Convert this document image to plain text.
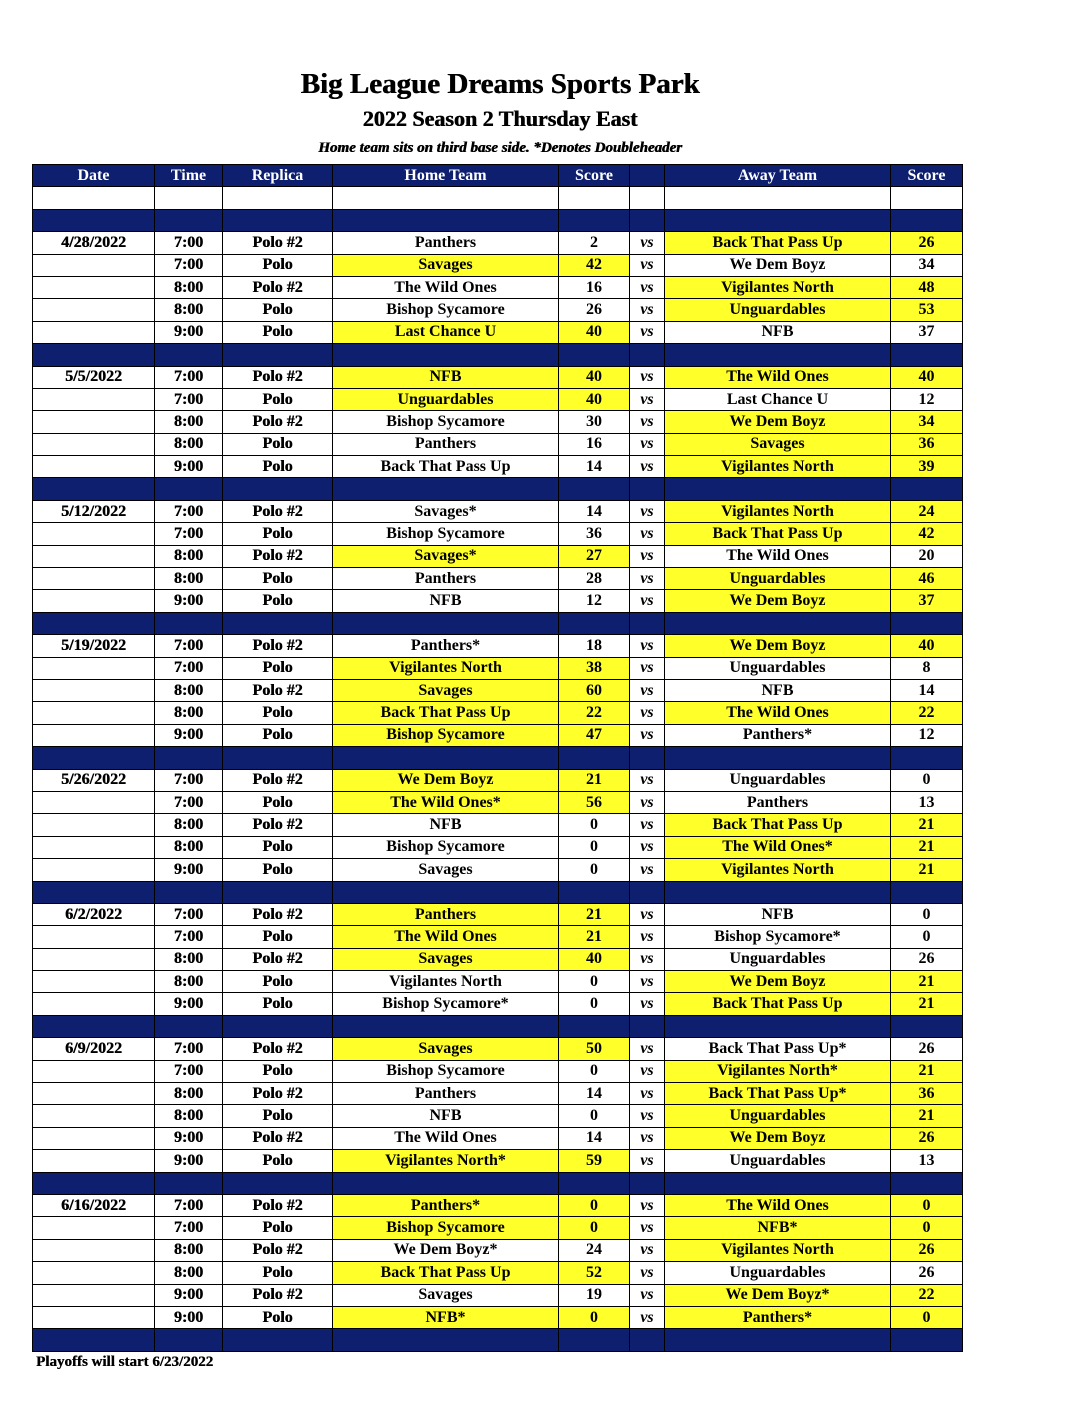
Big League Dreams Sports Park
2022 Season 2 Thursday East
Home team sits on third base side. *Denotes Doubleheader
Date	Time	Replica	Home Team	Score		Away Team	Score

4/28/2022	7:00	Polo #2	Panthers	2	vs	Back That Pass Up	26
	7:00	Polo	Savages	42	vs	We Dem Boyz	34
	8:00	Polo #2	The Wild Ones	16	vs	Vigilantes North	48
	8:00	Polo	Bishop Sycamore	26	vs	Unguardables	53
	9:00	Polo	Last Chance U	40	vs	NFB	37

5/5/2022	7:00	Polo #2	NFB	40	vs	The Wild Ones	40
	7:00	Polo	Unguardables	40	vs	Last Chance U	12
	8:00	Polo #2	Bishop Sycamore	30	vs	We Dem Boyz	34
	8:00	Polo	Panthers	16	vs	Savages	36
	9:00	Polo	Back That Pass Up	14	vs	Vigilantes North	39

5/12/2022	7:00	Polo #2	Savages*	14	vs	Vigilantes North	24
	7:00	Polo	Bishop Sycamore	36	vs	Back That Pass Up	42
	8:00	Polo #2	Savages*	27	vs	The Wild Ones	20
	8:00	Polo	Panthers	28	vs	Unguardables	46
	9:00	Polo	NFB	12	vs	We Dem Boyz	37

5/19/2022	7:00	Polo #2	Panthers*	18	vs	We Dem Boyz	40
	7:00	Polo	Vigilantes North	38	vs	Unguardables	8
	8:00	Polo #2	Savages	60	vs	NFB	14
	8:00	Polo	Back That Pass Up	22	vs	The Wild Ones	22
	9:00	Polo	Bishop Sycamore	47	vs	Panthers*	12

5/26/2022	7:00	Polo #2	We Dem Boyz	21	vs	Unguardables	0
	7:00	Polo	The Wild Ones*	56	vs	Panthers	13
	8:00	Polo #2	NFB	0	vs	Back That Pass Up	21
	8:00	Polo	Bishop Sycamore	0	vs	The Wild Ones*	21
	9:00	Polo	Savages	0	vs	Vigilantes North	21

6/2/2022	7:00	Polo #2	Panthers	21	vs	NFB	0
	7:00	Polo	The Wild Ones	21	vs	Bishop Sycamore*	0
	8:00	Polo #2	Savages	40	vs	Unguardables	26
	8:00	Polo	Vigilantes North	0	vs	We Dem Boyz	21
	9:00	Polo	Bishop Sycamore*	0	vs	Back That Pass Up	21

6/9/2022	7:00	Polo #2	Savages	50	vs	Back That Pass Up*	26
	7:00	Polo	Bishop Sycamore	0	vs	Vigilantes North*	21
	8:00	Polo #2	Panthers	14	vs	Back That Pass Up*	36
	8:00	Polo	NFB	0	vs	Unguardables	21
	9:00	Polo #2	The Wild Ones	14	vs	We Dem Boyz	26
	9:00	Polo	Vigilantes North*	59	vs	Unguardables	13

6/16/2022	7:00	Polo #2	Panthers*	0	vs	The Wild Ones	0
	7:00	Polo	Bishop Sycamore	0	vs	NFB*	0
	8:00	Polo #2	We Dem Boyz*	24	vs	Vigilantes North	26
	8:00	Polo	Back That Pass Up	52	vs	Unguardables	26
	9:00	Polo #2	Savages	19	vs	We Dem Boyz*	22
	9:00	Polo	NFB*	0	vs	Panthers*	0

Playoffs will start 6/23/2022
